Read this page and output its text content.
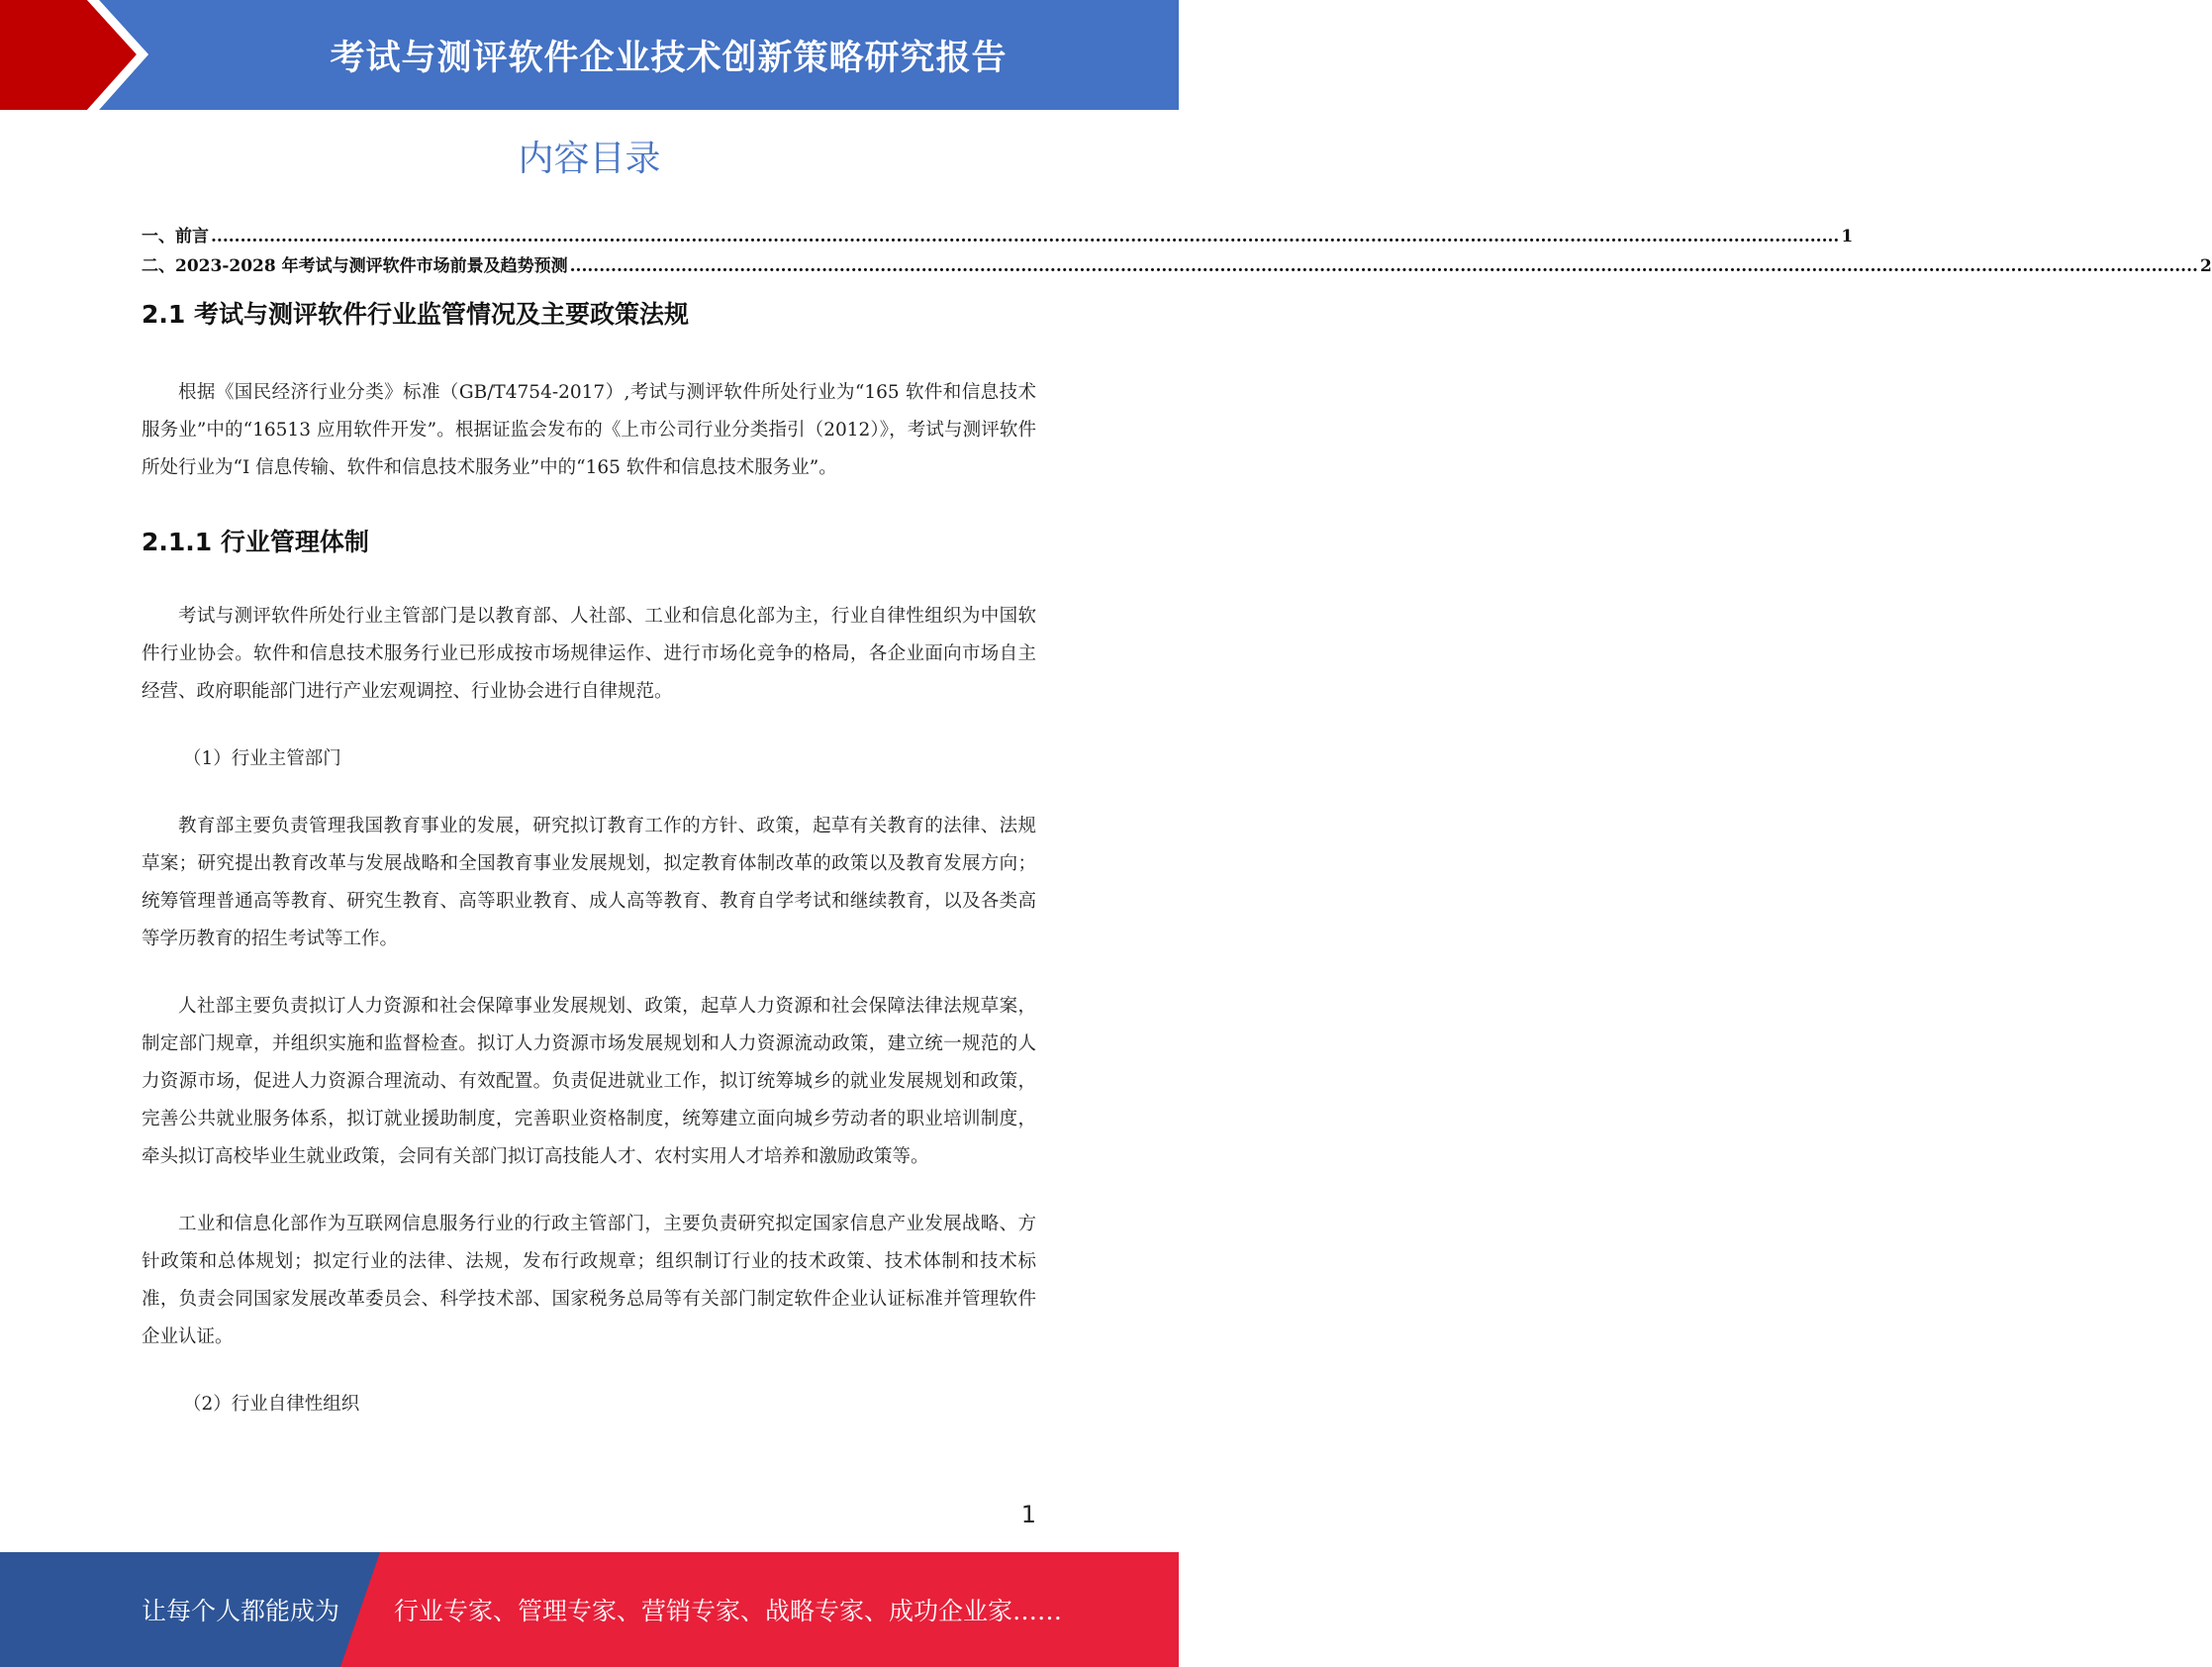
考试与测评软件企业技术创新策略研究报告
内容目录
一、前言 ...................................................................................................................................................................................................................................................................................... 1
二、2023-2028 年考试与测评软件市场前景及趋势预测 ...................................................................................................................................................................................................................................................................................... 2
2.1 考试与测评软件行业监管情况及主要政策法规

根据《国民经济行业分类》标准（GB/T4754-2017）,考试与测评软件所处行业为“165 软件和信息技术服务业”中的“16513 应用软件开发”。根据证监会发布的《上市公司行业分类指引（2012）》，考试与测评软件所处行业为“I 信息传输、软件和信息技术服务业”中的“165 软件和信息技术服务业”。

2.1.1 行业管理体制

考试与测评软件所处行业主管部门是以教育部、人社部、工业和信息化部为主，行业自律性组织为中国软件行业协会。软件和信息技术服务行业已形成按市场规律运作、进行市场化竞争的格局，各企业面向市场自主经营、政府职能部门进行产业宏观调控、行业协会进行自律规范。

（1）行业主管部门

教育部主要负责管理我国教育事业的发展，研究拟订教育工作的方针、政策，起草有关教育的法律、法规草案；研究提出教育改革与发展战略和全国教育事业发展规划，拟定教育体制改革的政策以及教育发展方向；统筹管理普通高等教育、研究生教育、高等职业教育、成人高等教育、教育自学考试和继续教育，以及各类高等学历教育的招生考试等工作。

人社部主要负责拟订人力资源和社会保障事业发展规划、政策，起草人力资源和社会保障法律法规草案，制定部门规章，并组织实施和监督检查。拟订人力资源市场发展规划和人力资源流动政策，建立统一规范的人力资源市场，促进人力资源合理流动、有效配置。负责促进就业工作，拟订统筹城乡的就业发展规划和政策，完善公共就业服务体系，拟订就业援助制度，完善职业资格制度，统筹建立面向城乡劳动者的职业培训制度，牵头拟订高校毕业生就业政策，会同有关部门拟订高技能人才、农村实用人才培养和激励政策等。

工业和信息化部作为互联网信息服务行业的行政主管部门，主要负责研究拟定国家信息产业发展战略、方针政策和总体规划；拟定行业的法律、法规，发布行政规章；组织制订行业的技术政策、技术体制和技术标准，负责会同国家发展改革委员会、科学技术部、国家税务总局等有关部门制定软件企业认证标准并管理软件企业认证。

（2）行业自律性组织

1
让每个人都能成为 行业专家、管理专家、营销专家、战略专家、成功企业家……
